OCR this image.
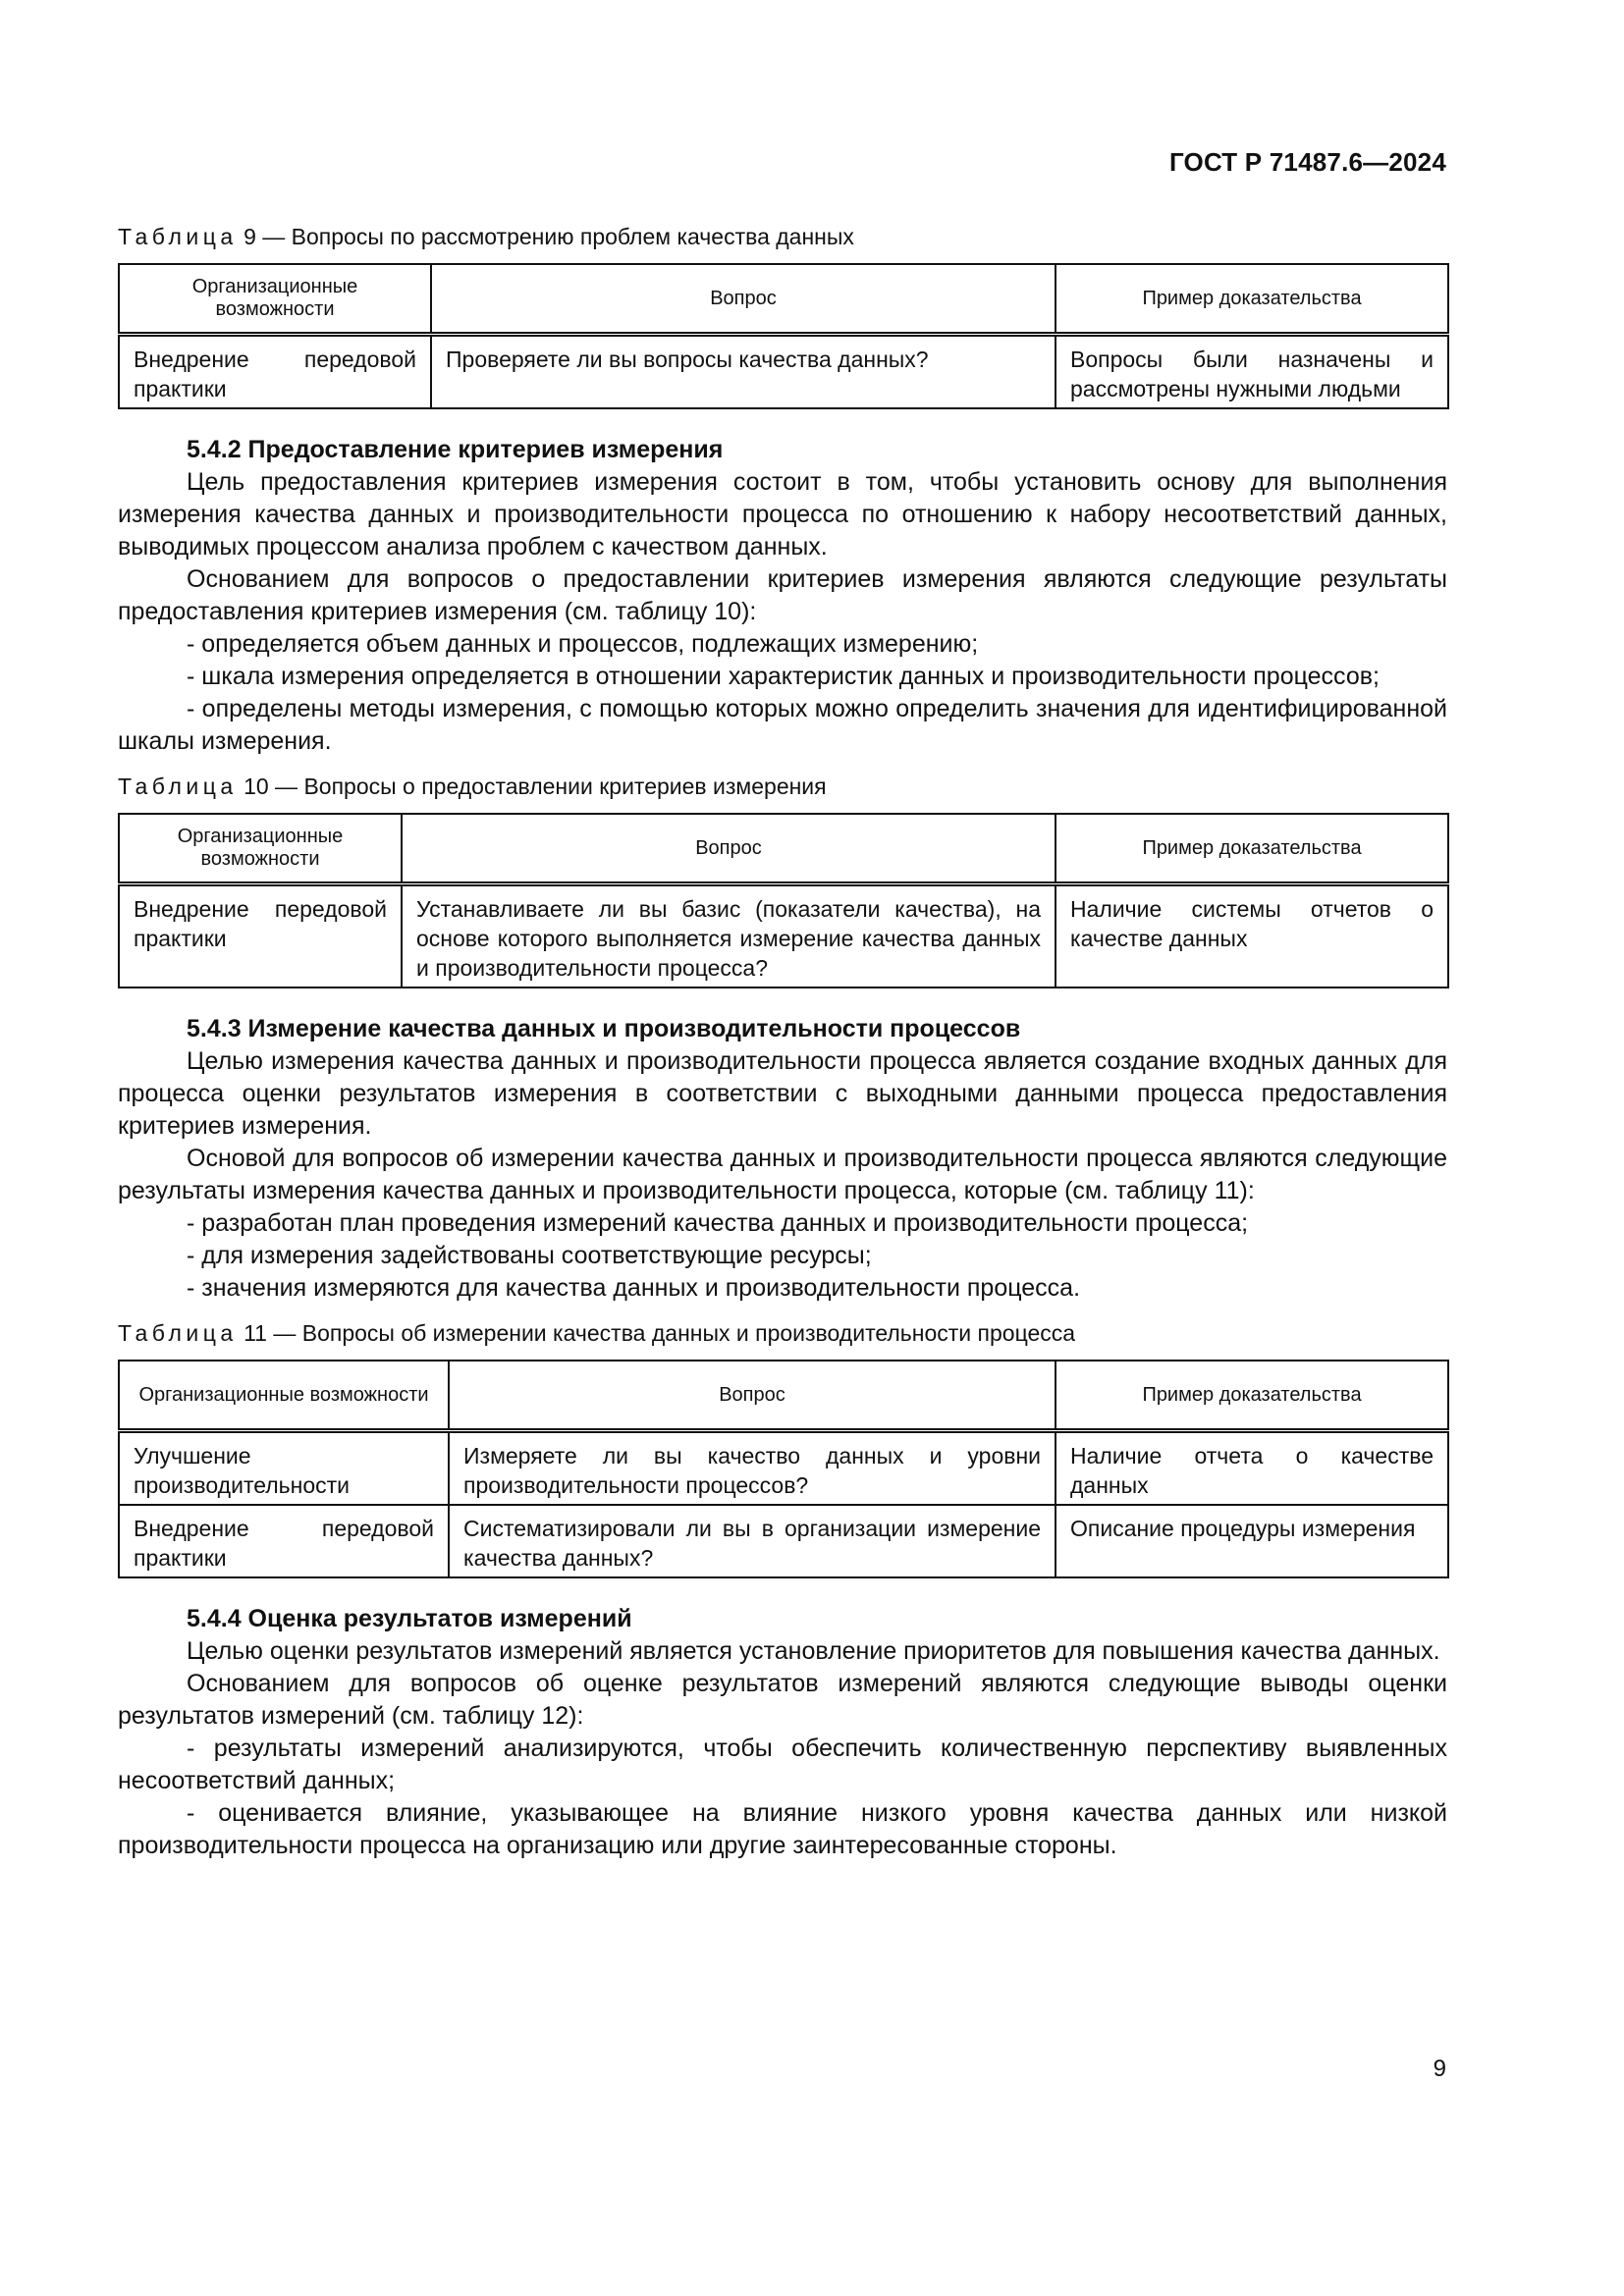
ГОСТ Р 71487.6—2024
Таблица 9 — Вопросы по рассмотрению проблем качества данных
Организационные возможности	Вопрос	Пример доказательства
Внедрение передовой практики	Проверяете ли вы вопросы качества данных?	Вопросы были назначены и рассмотрены нужными людьми
5.4.2 Предоставление критериев измерения

Цель предоставления критериев измерения состоит в том, чтобы установить основу для выполнения измерения качества данных и производительности процесса по отношению к набору несоответствий данных, выводимых процессом анализа проблем с качеством данных.

Основанием для вопросов о предоставлении критериев измерения являются следующие результаты предоставления критериев измерения (см. таблицу 10):

- определяется объем данных и процессов, подлежащих измерению;

- шкала измерения определяется в отношении характеристик данных и производительности процессов;

- определены методы измерения, с помощью которых можно определить значения для идентифицированной шкалы измерения.

Таблица 10 — Вопросы о предоставлении критериев измерения
Организационные возможности	Вопрос	Пример доказательства
Внедрение передовой практики	Устанавливаете ли вы базис (показатели качества), на основе которого выполняется измерение качества данных и производительности процесса?	Наличие системы отчетов о качестве данных
5.4.3 Измерение качества данных и производительности процессов

Целью измерения качества данных и производительности процесса является создание входных данных для процесса оценки результатов измерения в соответствии с выходными данными процесса предоставления критериев измерения.

Основой для вопросов об измерении качества данных и производительности процесса являются следующие результаты измерения качества данных и производительности процесса, которые (см. таблицу 11):

- разработан план проведения измерений качества данных и производительности процесса;

- для измерения задействованы соответствующие ресурсы;

- значения измеряются для качества данных и производительности процесса.

Таблица 11 — Вопросы об измерении качества данных и производительности процесса
Организационные возможности	Вопрос	Пример доказательства
Улучшение производительности	Измеряете ли вы качество данных и уровни производительности процессов?	Наличие отчета о качестве данных
Внедрение передовой практики	Систематизировали ли вы в организации измерение качества данных?	Описание процедуры измерения
5.4.4 Оценка результатов измерений

Целью оценки результатов измерений является установление приоритетов для повышения качества данных.

Основанием для вопросов об оценке результатов измерений являются следующие выводы оценки результатов измерений (см. таблицу 12):

- результаты измерений анализируются, чтобы обеспечить количественную перспективу выявленных несоответствий данных;

- оценивается влияние, указывающее на влияние низкого уровня качества данных или низкой производительности процесса на организацию или другие заинтересованные стороны.

9
